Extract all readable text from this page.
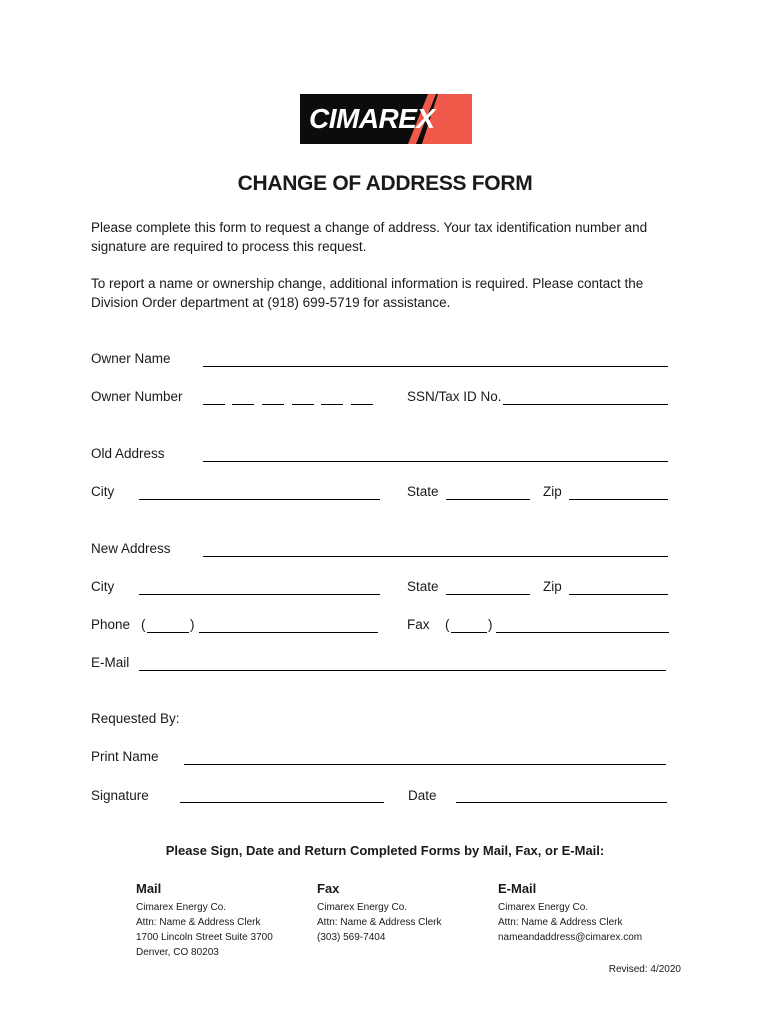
CIMAREX
CHANGE OF ADDRESS FORM
Please complete this form to request a change of address. Your tax identification number and
signature are required to process this request.
To report a name or ownership change, additional information is required. Please contact the
Division Order department at (918) 699-5719 for assistance.
Owner Name
Owner Number	SSN/Tax ID No.
Old Address
City	State	Zip
New Address
City	State	Zip
Phone (	)	Fax (	)
E-Mail
Requested By:
Print Name
Signature	Date
Please Sign, Date and Return Completed Forms by Mail, Fax, or E-Mail:
Mail
Cimarex Energy Co.
Attn: Name & Address Clerk
1700 Lincoln Street Suite 3700
Denver, CO 80203
Fax
Cimarex Energy Co.
Attn: Name & Address Clerk
(303) 569-7404
E-Mail
Cimarex Energy Co.
Attn: Name & Address Clerk
nameandaddress@cimarex.com
Revised: 4/2020
